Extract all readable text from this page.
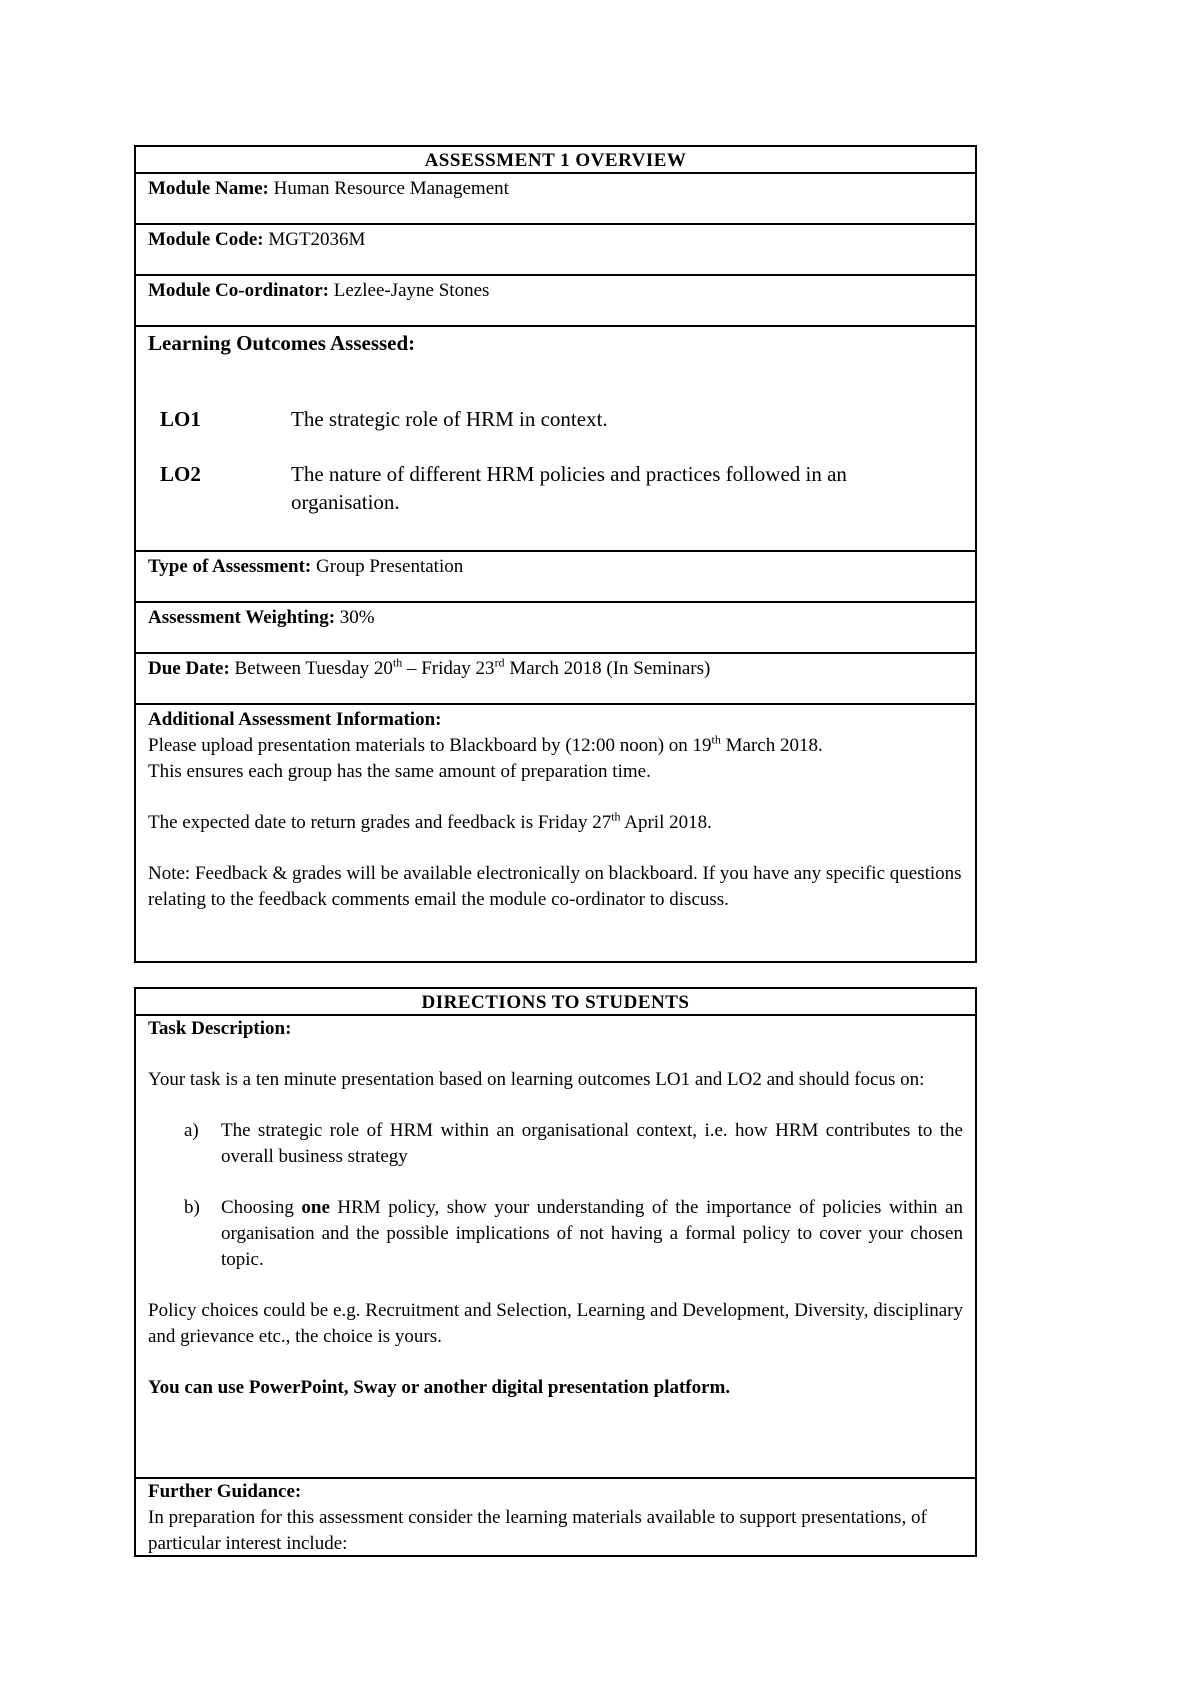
ASSESSMENT 1 OVERVIEW
Module Name: Human Resource Management
Module Code: MGT2036M
Module Co-ordinator: Lezlee-Jayne Stones
Learning Outcomes Assessed:
LO1	The strategic role of HRM in context.
LO2	The nature of different HRM policies and practices followed in an organisation.
Type of Assessment: Group Presentation
Assessment Weighting: 30%
Due Date: Between Tuesday 20th – Friday 23rd March 2018 (In Seminars)

Additional Assessment Information:

Please upload presentation materials to Blackboard by (12:00 noon) on 19th March 2018.

This ensures each group has the same amount of preparation time.

The expected date to return grades and feedback is Friday 27th April 2018.

Note: Feedback & grades will be available electronically on blackboard. If you have any specific questions relating to the feedback comments email the module co-ordinator to discuss.

DIRECTIONS TO STUDENTS

Task Description:

Your task is a ten minute presentation based on learning outcomes LO1 and LO2 and should focus on:

a) The strategic role of HRM within an organisational context, i.e. how HRM contributes to the overall business strategy
b) Choosing one HRM policy, show your understanding of the importance of policies within an organisation and the possible implications of not having a formal policy to cover your chosen topic.

Policy choices could be e.g. Recruitment and Selection, Learning and Development, Diversity, disciplinary and grievance etc., the choice is yours.

You can use PowerPoint, Sway or another digital presentation platform.

Further Guidance:

In preparation for this assessment consider the learning materials available to support presentations, of particular interest include:
